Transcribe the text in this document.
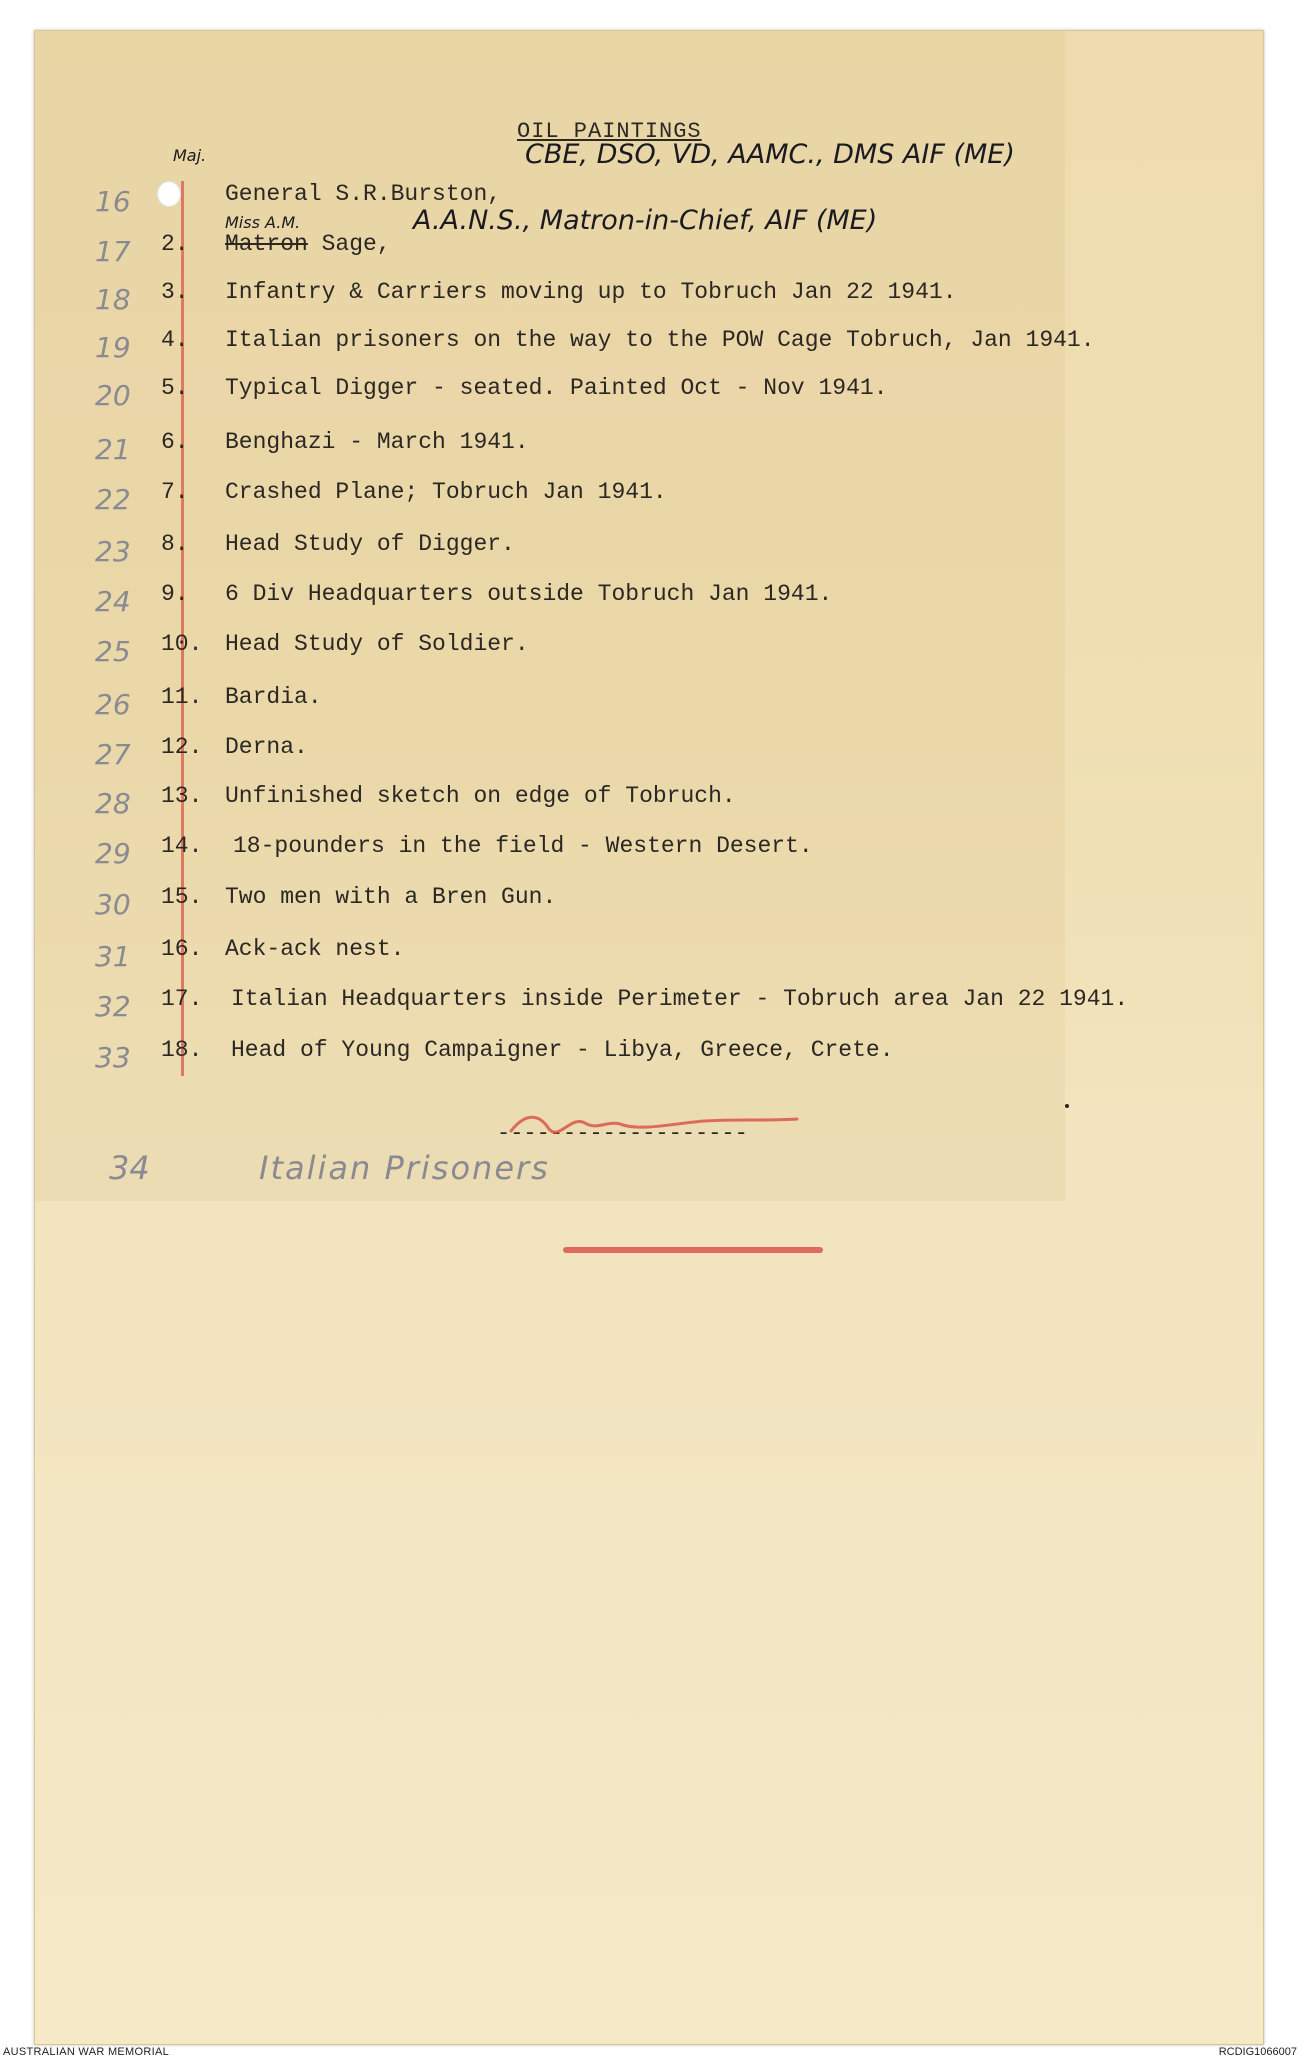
OIL PAINTINGS
16	General S.R.Burston,
Maj.	CBE, DSO, VD, AAMC., DMS AIF (ME)
17	2. Matron Sage,
Miss A.M.	A.A.N.S., Matron-in-Chief, AIF (ME)
18	3. Infantry & Carriers moving up to Tobruch Jan 22 1941.
19	4. Italian prisoners on the way to the POW Cage Tobruch, Jan 1941.
20	5. Typical Digger - seated. Painted Oct - Nov 1941.
21	6. Benghazi - March 1941.
22	7. Crashed Plane; Tobruch Jan 1941.
23	8. Head Study of Digger.
24	9. 6 Div Headquarters outside Tobruch Jan 1941.
25	10. Head Study of Soldier.
26	11. Bardia.
27	12. Derna.
28	13. Unfinished sketch on edge of Tobruch.
29	14. 18-pounders in the field - Western Desert.
30	15. Two men with a Bren Gun.
31	16. Ack-ack nest.
32	17. Italian Headquarters inside Perimeter - Tobruch area Jan 22 1941.
33	18. Head of Young Campaigner - Libya, Greece, Crete.
-------------------
34	Italian Prisoners
AUSTRALIAN WAR MEMORIAL	RCDIG1066007
